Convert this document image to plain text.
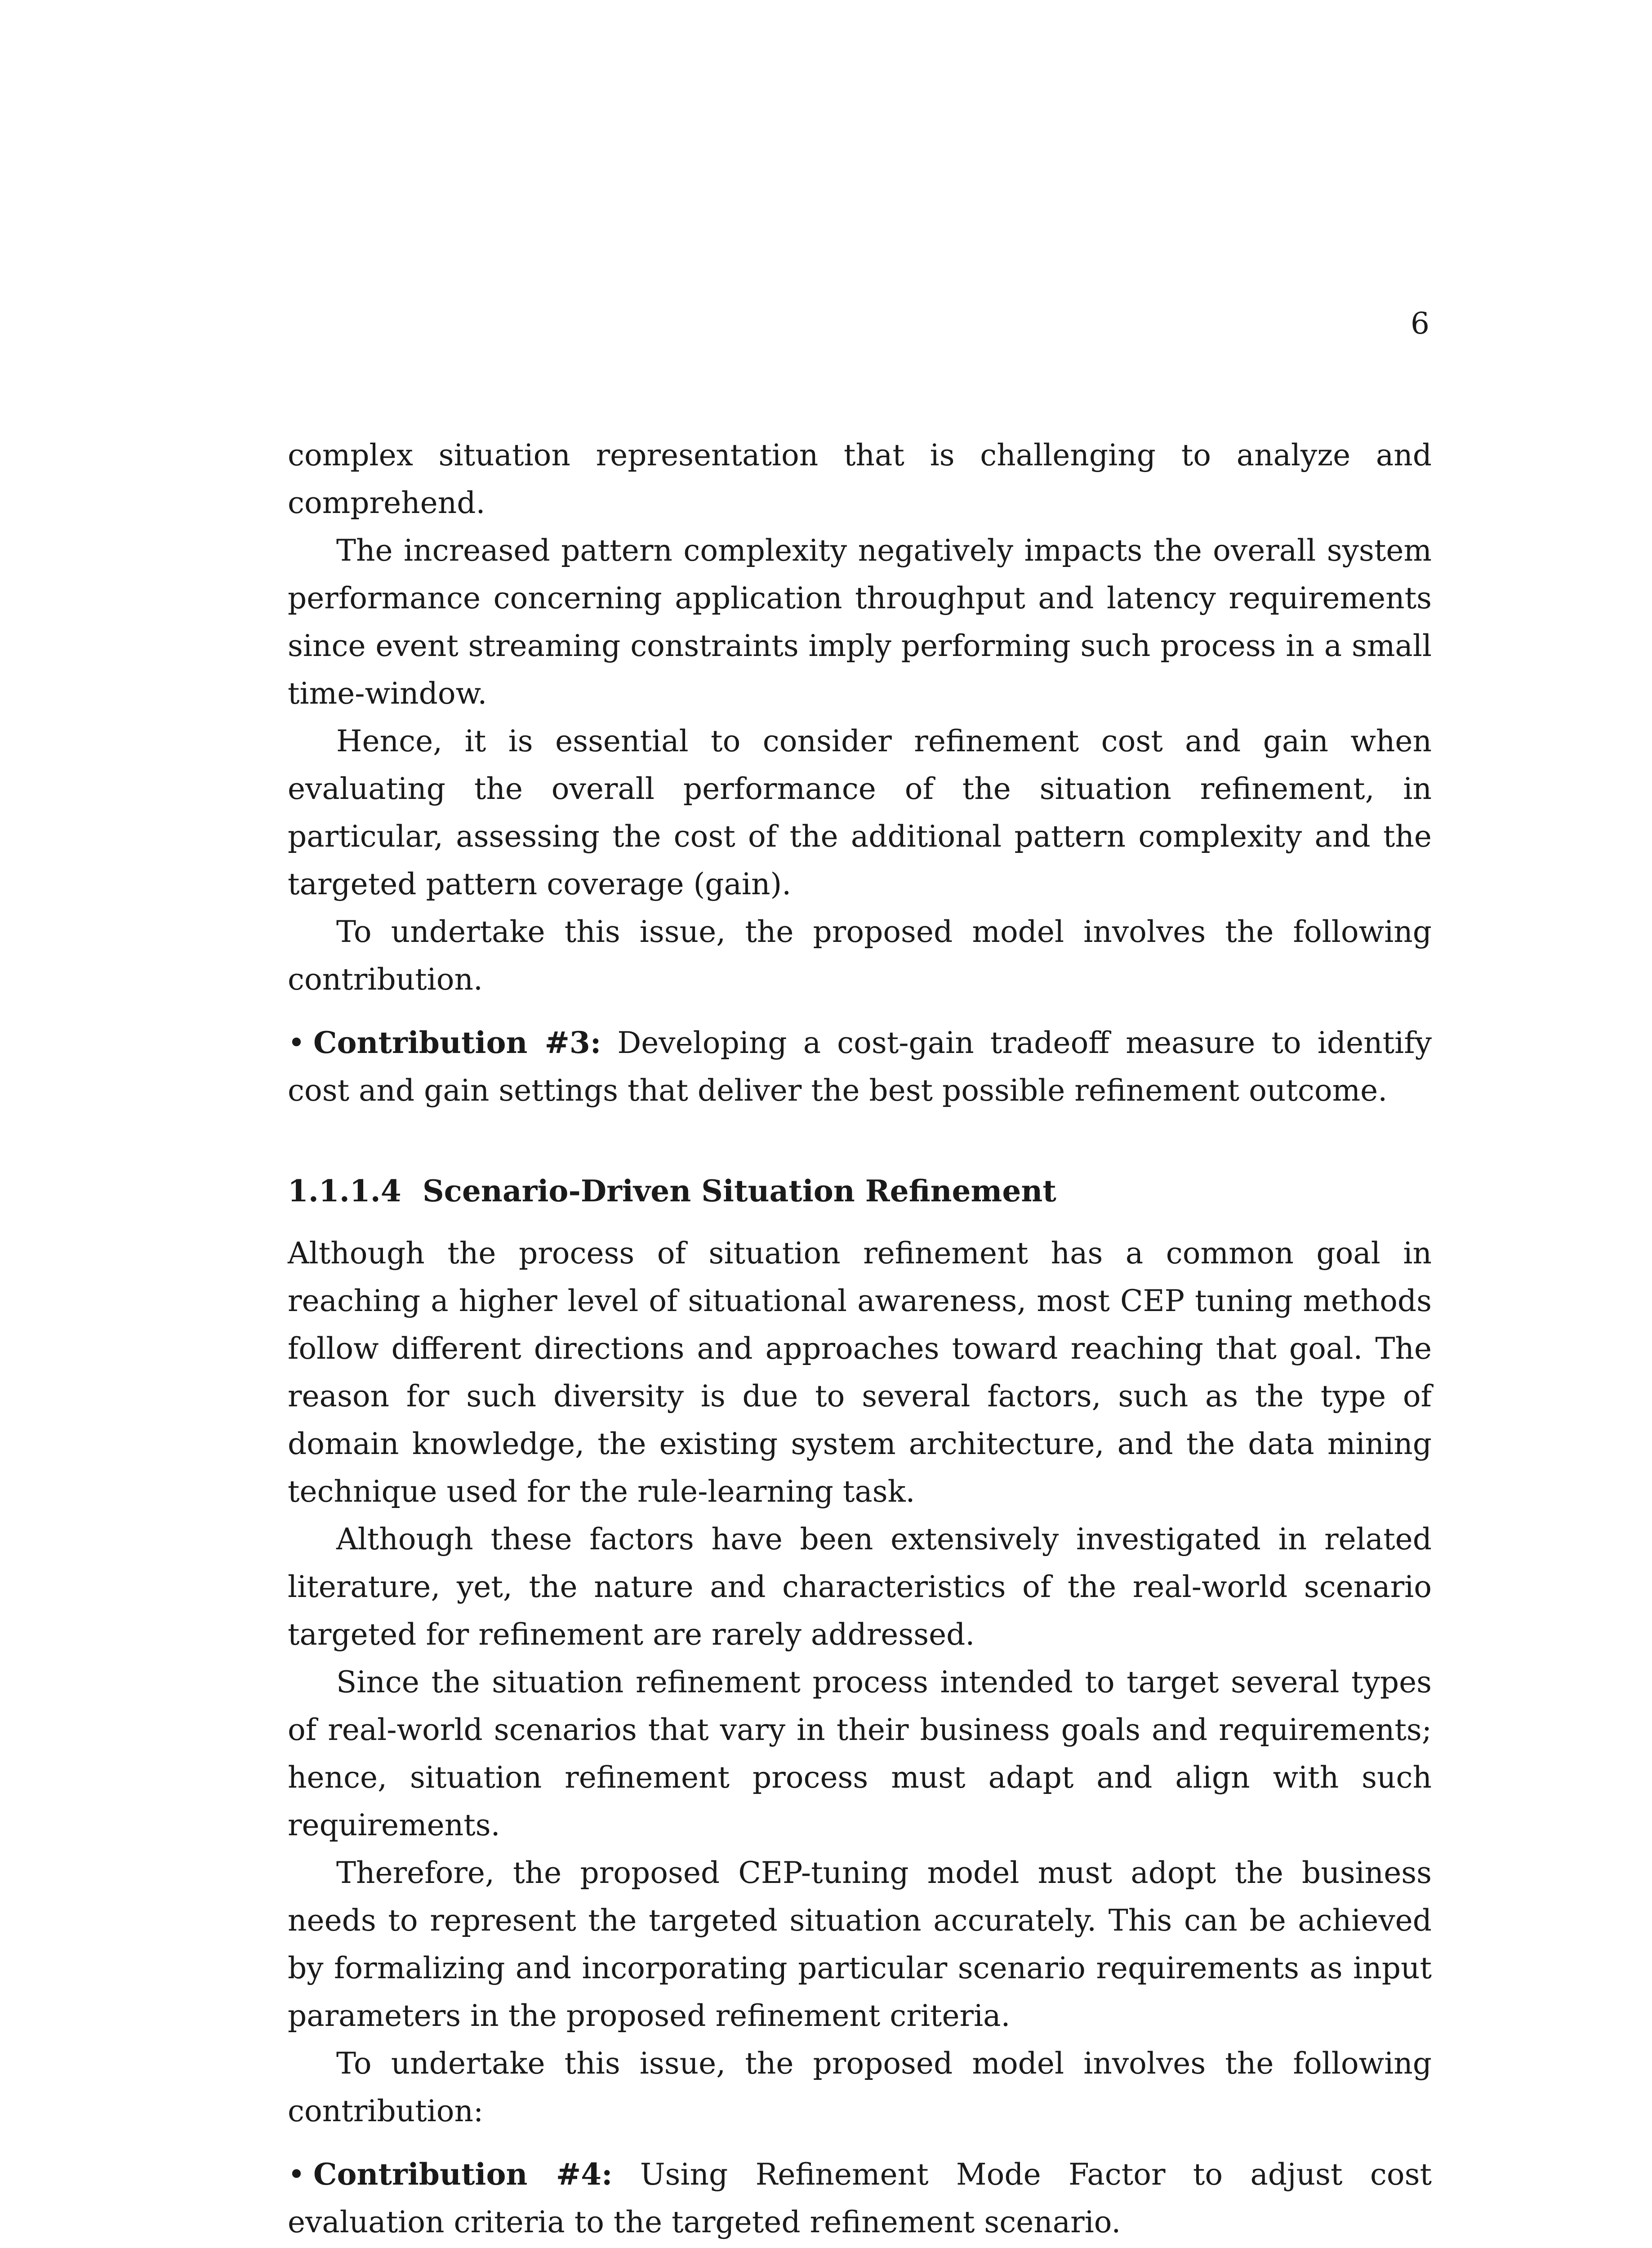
6

complex situation representation that is challenging to analyze and comprehend.

The increased pattern complexity negatively impacts the overall system performance concerning application throughput and latency requirements since event streaming constraints imply performing such process in a small time-window.

Hence, it is essential to consider refinement cost and gain when evaluating the overall performance of the situation refinement, in particular, assessing the cost of the additional pattern complexity and the targeted pattern coverage (gain).

To undertake this issue, the proposed model involves the following contribution.

• Contribution #3: Developing a cost-gain tradeoff measure to identify cost and gain settings that deliver the best possible refinement outcome.

1.1.1.4 Scenario-Driven Situation Refinement

Although the process of situation refinement has a common goal in reaching a higher level of situational awareness, most CEP tuning methods follow different directions and approaches toward reaching that goal. The reason for such diversity is due to several factors, such as the type of domain knowledge, the existing system architecture, and the data mining technique used for the rule-learning task.

Although these factors have been extensively investigated in related literature, yet, the nature and characteristics of the real-world scenario targeted for refinement are rarely addressed.

Since the situation refinement process intended to target several types of real-world scenarios that vary in their business goals and requirements; hence, situation refinement process must adapt and align with such requirements.

Therefore, the proposed CEP-tuning model must adopt the business needs to represent the targeted situation accurately. This can be achieved by formalizing and incorporating particular scenario requirements as input parameters in the proposed refinement criteria.

To undertake this issue, the proposed model involves the following contribution:

• Contribution #4: Using Refinement Mode Factor to adjust cost evaluation criteria to the targeted refinement scenario.
